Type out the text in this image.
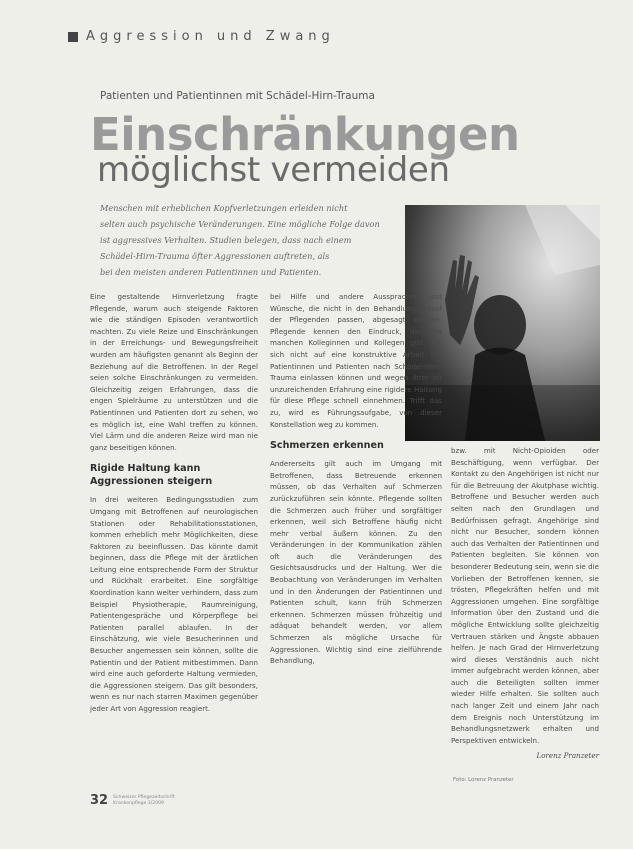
Aggression und Zwang
Patienten und Patientinnen mit Schädel-Hirn-Trauma
Einschränkungen
möglichst vermeiden
Menschen mit erheblichen Kopfverletzungen erleiden nicht
selten auch psychische Veränderungen. Eine mögliche Folge davon
ist aggressives Verhalten. Studien belegen, dass nach einem
Schädel-Hirn-Trauma öfter Aggressionen auftreten, als
bei den meisten anderen Patientinnen und Patienten.

Eine gestaltende Hirnverletzung fragte Pflegende, warum auch steigende Faktoren wie die ständigen Episoden verantwortlich machten. Zu viele Reize und Einschränkungen in der Erreichungs- und Bewegungsfreiheit wurden am häufigsten genannt als Beginn der Beziehung auf die Betroffenen. In der Regel seien solche Einschränkungen zu vermeiden. Gleichzeitig zeigen Erfahrungen, dass die engen Spielräume zu unterstützen und die Patientinnen und Patienten dort zu sehen, wo es möglich ist, eine Wahl treffen zu können. Viel Lärm und die anderen Reize wird man nie ganz beseitigen können.

Rigide Haltung kann Aggressionen steigern

In drei weiteren Bedingungsstudien zum Umgang mit Betroffenen auf neurologischen Stationen oder Rehabilitationsstationen, kommen erheblich mehr Möglichkeiten, diese Faktoren zu beeinflussen. Das könnte damit beginnen, dass die Pflege mit der ärztlichen Leitung eine entsprechende Form der Struktur und Rückhalt erarbeitet. Eine sorgfältige Koordination kann weiter verhindern, dass zum Beispiel Physiotherapie, Raumreinigung, Patientengespräche und Körperpflege bei Patienten parallel ablaufen. In der Einschätzung, wie viele Besucherinnen und Besucher angemessen sein können, sollte die Patientin und der Patient mitbestimmen. Dann wird eine auch geforderte Haltung vermieden, die Aggressionen steigern. Das gilt besonders, wenn es nur nach starren Maximen gegenüber jeder Art von Aggression reagiert.

bei Hilfe und andere Aussprachen und Wünsche, die nicht in den Behandlungsablauf der Pflegenden passen, abgesagt werden. Pflegende kennen den Eindruck, dass es manchen Kolleginnen und Kollegen gibt, die sich nicht auf eine konstruktive Arbeit mit Patientinnen und Patienten nach Schädel-Hirn-Trauma einlassen können und wegen ihrer oft unzureichenden Erfahrung eine rigidere Haltung für diese Pflege schnell einnehmen. Trifft das zu, wird es Führungsaufgabe, von dieser Konstellation weg zu kommen.

Schmerzen erkennen

Andererseits gilt auch im Umgang mit Betroffenen, dass Betreuende erkennen müssen, ob das Verhalten auf Schmerzen zurückzuführen sein könnte. Pflegende sollten die Schmerzen auch früher und sorgfältiger erkennen, weil sich Betroffene häufig nicht mehr verbal äußern können. Zu den Veränderungen in der Kommunikation zählen oft auch die Veränderungen des Gesichtsausdrucks und der Haltung. Wer die Beobachtung von Veränderungen im Verhalten und in den Änderungen der Patientinnen und Patienten schult, kann früh Schmerzen erkennen. Schmerzen müssen frühzeitig und adäquat behandelt werden, vor allem Schmerzen als mögliche Ursache für Aggressionen. Wichtig sind eine zielführende Behandlung,

bzw. mit Nicht-Opioiden oder Beschäftigung, wenn verfügbar. Der Kontakt zu den Angehörigen ist nicht nur für die Betreuung der Akutphase wichtig. Betroffene und Besucher werden auch selten nach den Grundlagen und Bedürfnissen gefragt. Angehörige sind nicht nur Besucher, sondern können auch das Verhalten der Patientinnen und Patienten begleiten. Sie können von besonderer Bedeutung sein, wenn sie die Vorlieben der Betroffenen kennen, sie trösten, Pflegekräften helfen und mit Aggressionen umgehen. Eine sorgfältige Information über den Zustand und die mögliche Entwicklung sollte gleichzeitig Vertrauen stärken und Ängste abbauen helfen. Je nach Grad der Hirnverletzung wird dieses Verständnis auch nicht immer aufgebracht werden können, aber auch die Beteiligten sollten immer wieder Hilfe erhalten. Sie sollten auch nach langer Zeit und einem Jahr nach dem Ereignis noch Unterstützung im Behandlungsnetzwerk erhalten und Perspektiven entwickeln.

Lorenz Pranzeter

Foto: Lorenz Pranzeter
32 Schweizer Pflegezeitschrift
Krankenpflege 3/2009
